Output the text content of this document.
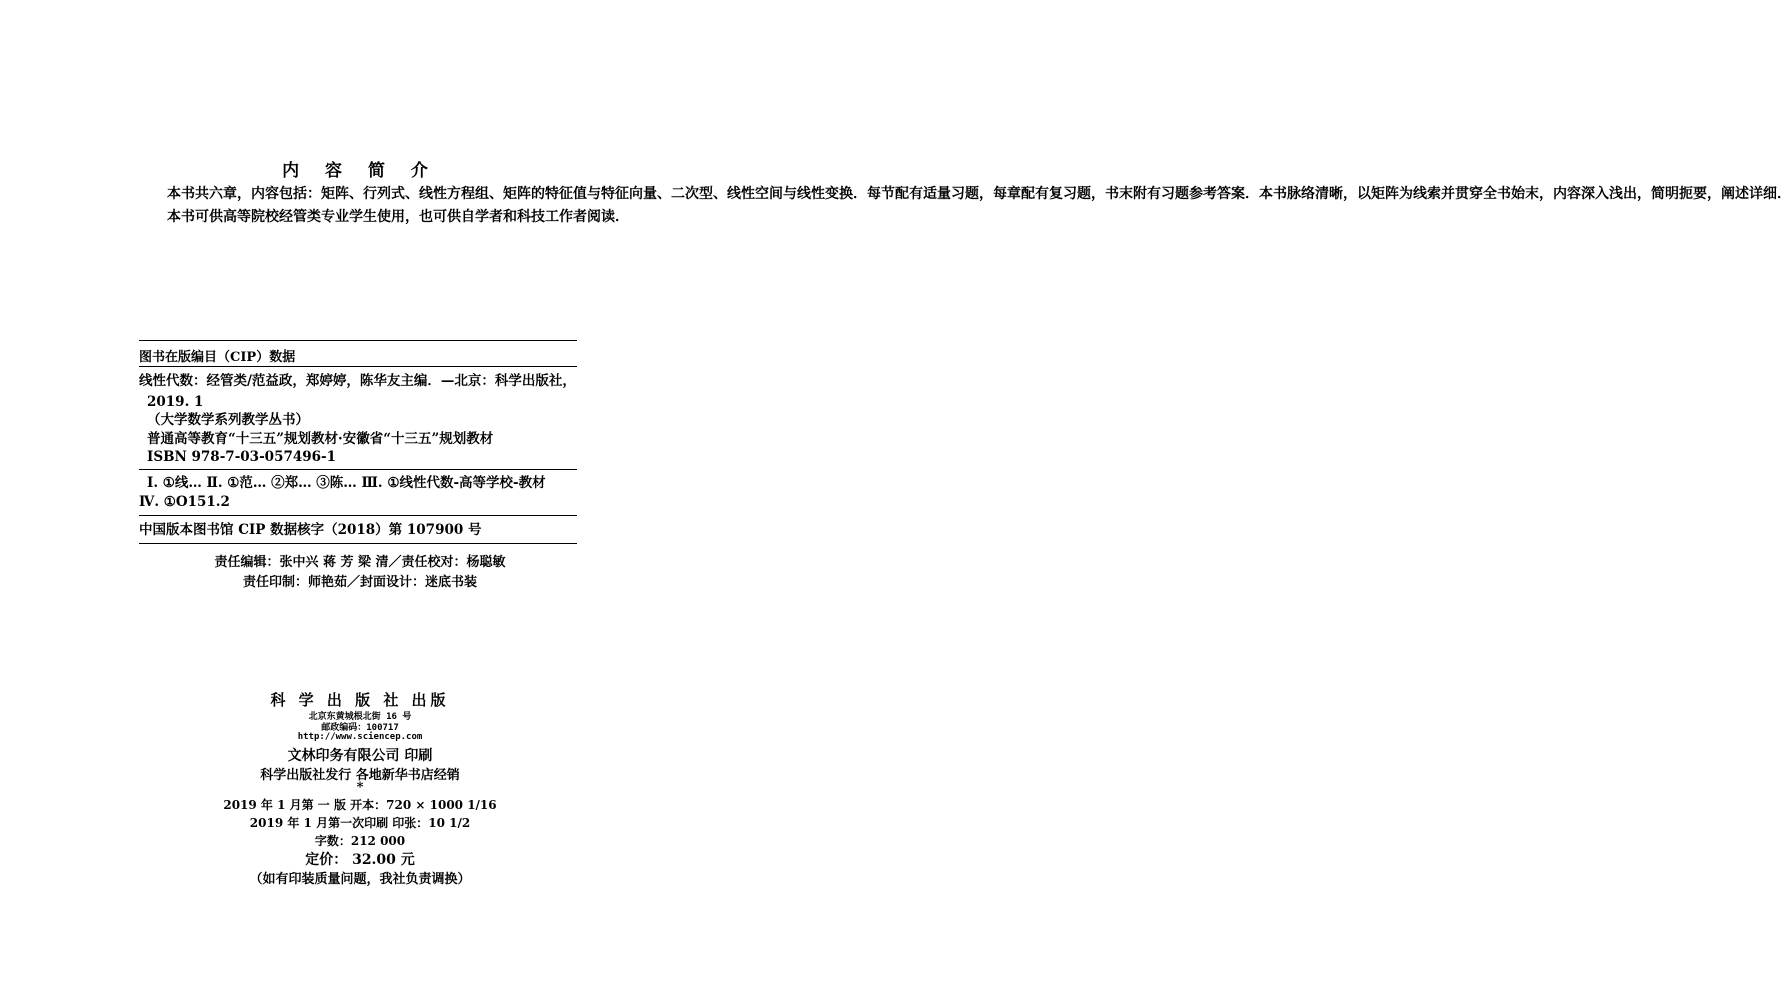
内 容 简 介

本书共六章，内容包括：矩阵、行列式、线性方程组、矩阵的特征值与特征向量、二次型、线性空间与线性变换．每节配有适量习题，每章配有复习题，书末附有习题参考答案．本书脉络清晰，以矩阵为线索并贯穿全书始末，内容深入浅出，简明扼要，阐述详细．

本书可供高等院校经管类专业学生使用，也可供自学者和科技工作者阅读．

图书在版编目（CIP）数据
线性代数：经管类/范益政，郑婷婷，陈华友主编．—北京：科学出版社，
2019. 1
（大学数学系列教学丛书）
普通高等教育“十三五”规划教材·安徽省“十三五”规划教材
ISBN 978-7-03-057496-1
Ⅰ. ①线… Ⅱ. ①范… ②郑… ③陈… Ⅲ. ①线性代数-高等学校-教材
Ⅳ. ①O151.2
中国版本图书馆 CIP 数据核字（2018）第 107900 号
责任编辑：张中兴 蒋 芳 梁 清／责任校对：杨聪敏
责任印制：师艳茹／封面设计：迷底书装
科 学 出 版 社 出版
北京东黄城根北街 16 号
邮政编码：100717
http://www.sciencep.com
文林印务有限公司 印刷
科学出版社发行 各地新华书店经销
*
2019 年 1 月第 一 版 开本：720 × 1000 1/16
2019 年 1 月第一次印刷 印张：10 1/2
字数：212 000
定价： 32.00 元
（如有印装质量问题，我社负责调换）
